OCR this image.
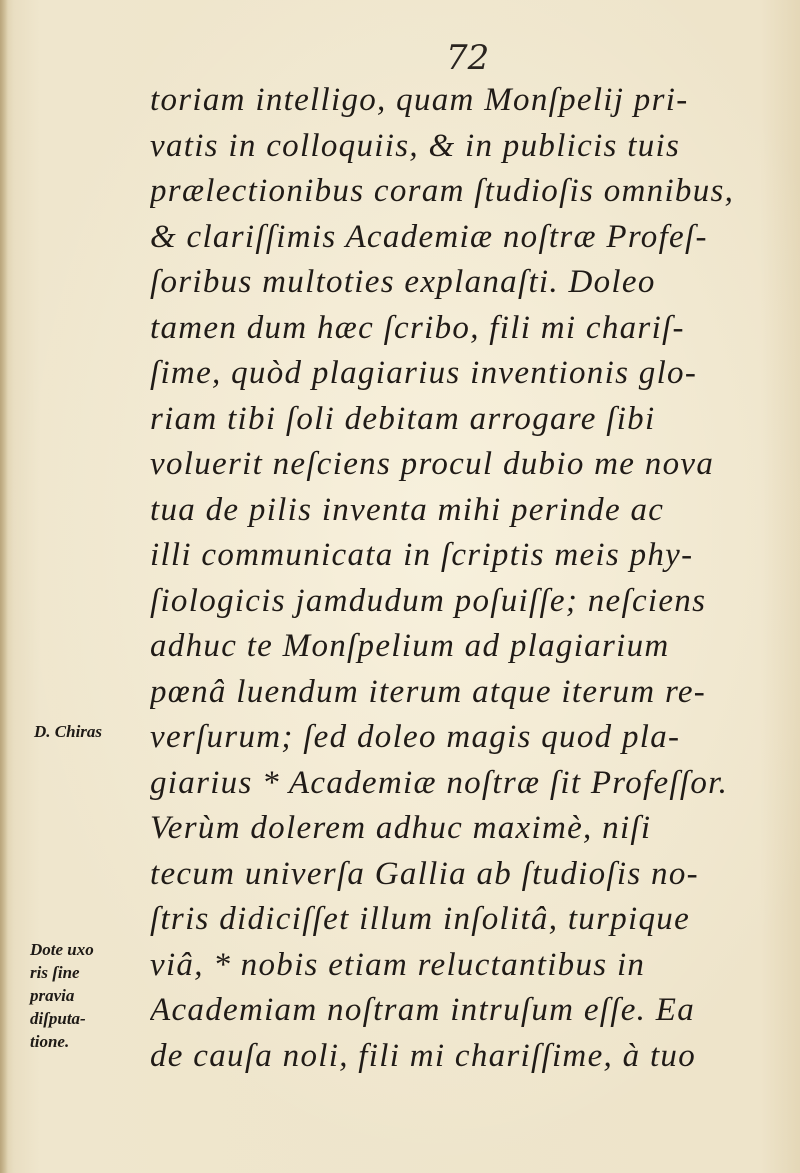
72
toriam intelligo, quam Monſpelij pri-
vatis in colloquiis, & in publicis tuis
prælectionibus coram ſtudioſis omnibus,
& clariſſimis Academiæ noſtræ Profeſ-
ſoribus multoties explanaſti. Doleo
tamen dum hæc ſcribo, fili mi chariſ-
ſime, quòd plagiarius inventionis glo-
riam tibi ſoli debitam arrogare ſibi
voluerit neſciens procul dubio me nova
tua de pilis inventa mihi perinde ac
illi communicata in ſcriptis meis phy-
ſiologicis jamdudum poſuiſſe; neſciens
adhuc te Monſpelium ad plagiarium
pœnâ luendum iterum atque iterum re-
verſurum; ſed doleo magis quod pla-
giarius * Academiæ noſtræ ſit Profeſſor.
Verùm dolerem adhuc maximè, niſi
tecum univerſa Gallia ab ſtudioſis no-
ſtris didiciſſet illum inſolitâ, turpique
viâ, * nobis etiam reluctantibus in
Academiam noſtram intruſum eſſe. Ea
de cauſa noli, fili mi chariſſime, à tuo
D. Chiras
Dote uxo
ris ſine
pravia
diſputa-
tione.
